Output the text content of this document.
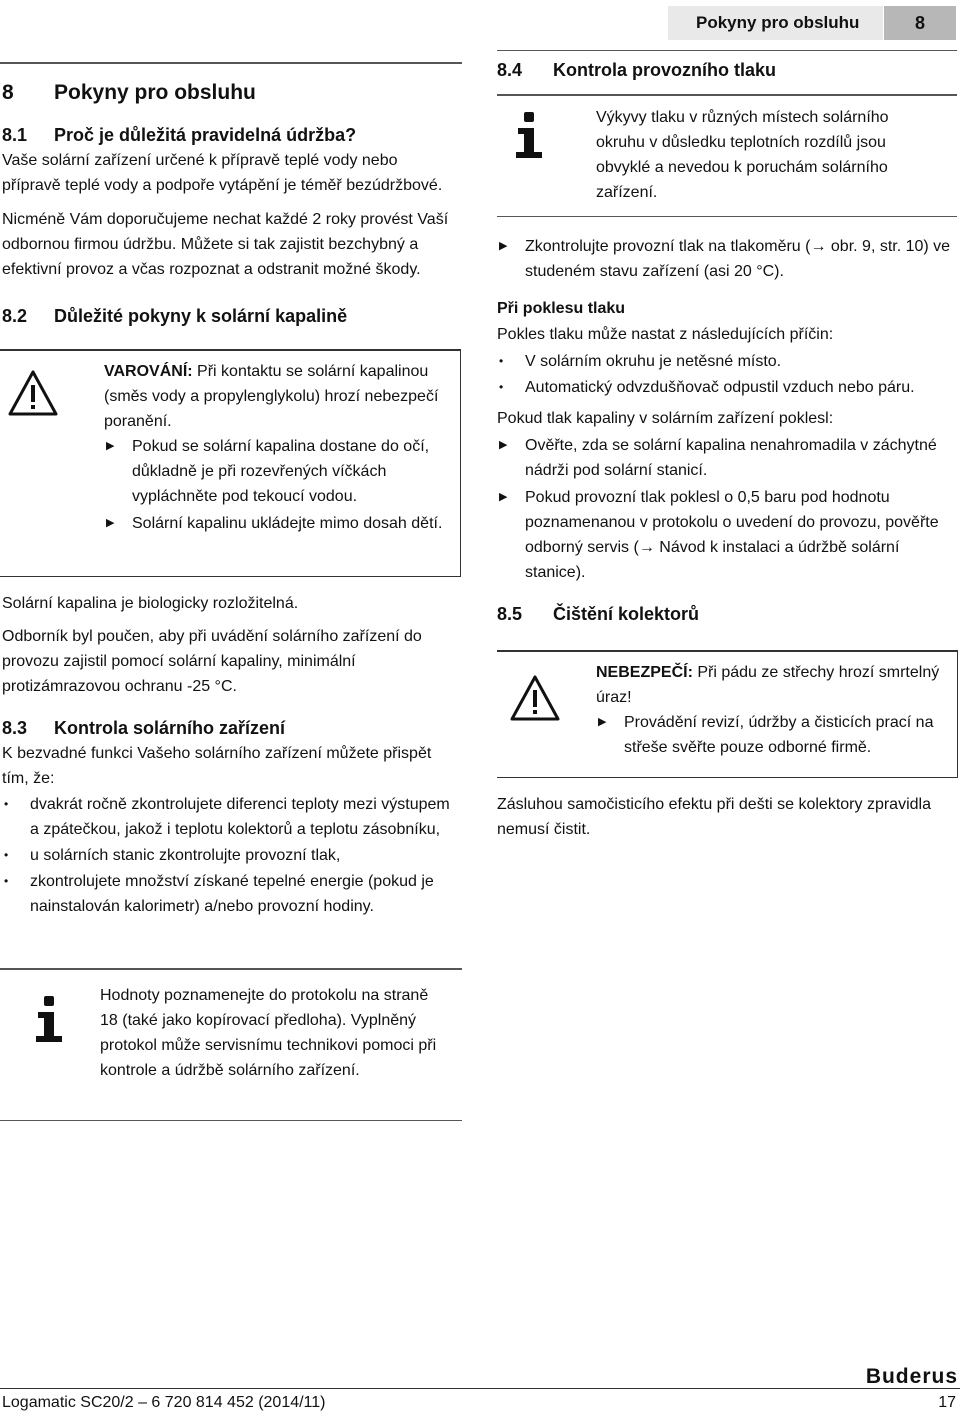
Pokyny pro obsluhu	8
8 Pokyny pro obsluhu
8.1 Proč je důležitá pravidelná údržba?

Vaše solární zařízení určené k přípravě teplé vody nebo přípravě teplé vody a podpoře vytápění je téměř bezúdržbové.

Nicméně Vám doporučujeme nechat každé 2 roky provést Vaší odbornou firmou údržbu. Můžete si tak zajistit bezchybný a efektivní provoz a včas rozpoznat a odstranit možné škody.

8.2 Důležité pokyny k solární kapalině

VAROVÁNÍ: Při kontaktu se solární kapalinou (směs vody a propylenglykolu) hrozí nebezpečí poranění.

▶ Pokud se solární kapalina dostane do očí, důkladně je při rozevřených víčkách vypláchněte pod tekoucí vodou.
▶ Solární kapalinu ukládejte mimo dosah dětí.

Solární kapalina je biologicky rozložitelná.

Odborník byl poučen, aby při uvádění solárního zařízení do provozu zajistil pomocí solární kapaliny, minimální protizámrazovou ochranu -25 °C.

8.3 Kontrola solárního zařízení

K bezvadné funkci Vašeho solárního zařízení můžete přispět tím, že:

• dvakrát ročně zkontrolujete diferenci teploty mezi výstupem a zpátečkou, jakož i teplotu kolektorů a teplotu zásobníku,
• u solárních stanic zkontrolujte provozní tlak,
• zkontrolujete množství získané tepelné energie (pokud je nainstalován kalorimetr) a/nebo provozní hodiny.

Hodnoty poznamenejte do protokolu na straně 18 (také jako kopírovací předloha). Vyplněný protokol může servisnímu technikovi pomoci při kontrole a údržbě solárního zařízení.

8.4 Kontrola provozního tlaku

Výkyvy tlaku v různých místech solárního okruhu v důsledku teplotních rozdílů jsou obvyklé a nevedou k poruchám solárního zařízení.

▶ Zkontrolujte provozní tlak na tlakoměru (→ obr. 9, str. 10) ve studeném stavu zařízení (asi 20 °C).

Při poklesu tlaku

Pokles tlaku může nastat z následujících příčin:

• V solárním okruhu je netěsné místo.
• Automatický odvzdušňovač odpustil vzduch nebo páru.

Pokud tlak kapaliny v solárním zařízení poklesl:

▶ Ověřte, zda se solární kapalina nenahromadila v záchytné nádrži pod solární stanicí.
▶ Pokud provozní tlak poklesl o 0,5 baru pod hodnotu poznamenanou v protokolu o uvedení do provozu, pověřte odborný servis (→ Návod k instalaci a údržbě solární stanice).
8.5 Čištění kolektorů

NEBEZPEČÍ: Při pádu ze střechy hrozí smrtelný úraz!

▶ Provádění revizí, údržby a čisticích prací na střeše svěřte pouze odborné firmě.

Zásluhou samočisticího efektu při dešti se kolektory zpravidla nemusí čistit.

Buderus
Logamatic SC20/2 – 6 720 814 452 (2014/11)	17
